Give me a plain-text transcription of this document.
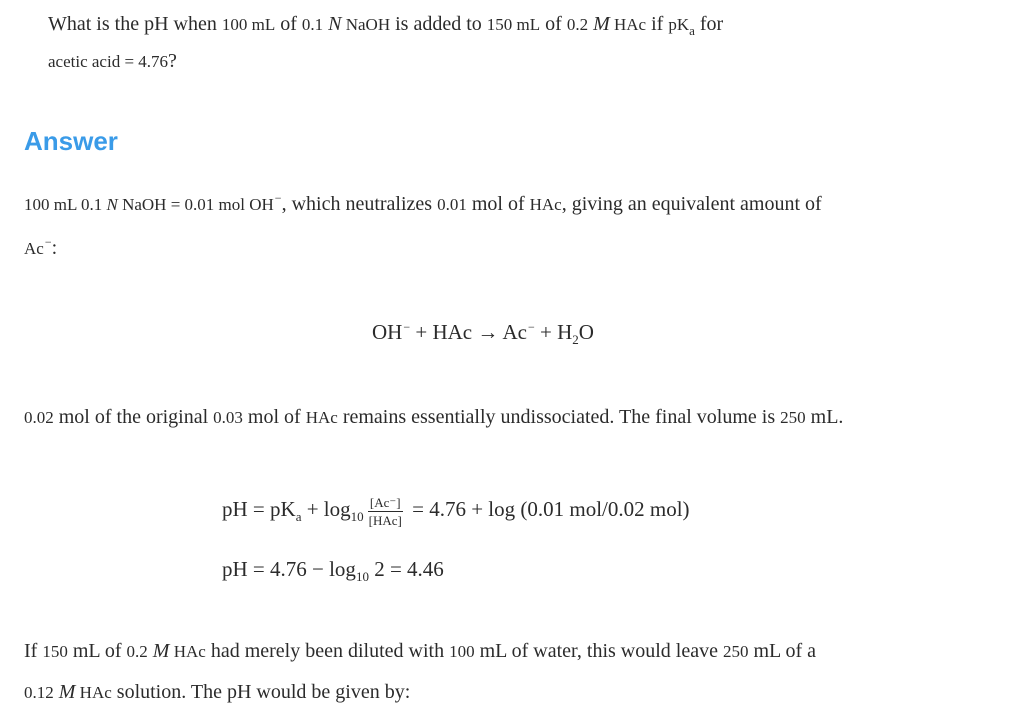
What is the pH when 100 mL of 0.1 N NaOH is added to 150 mL of 0.2 M HAc if $pK_a$ for
acetic acid = 4.76?
Answer
100 mL 0.1 N NaOH = 0.01 mol OH−, which neutralizes 0.01 mol of HAc, giving an equivalent amount of
Ac−:
OH− + HAc → $Ac^- + H_2O$
0.02 mol of the original 0.03 mol of HAc remains essentially undissociated. The final volume is 250 mL.
pH = $pK_a + \log_{10} \frac{[Ac^-]}{\text{[HAc]}} = 4.76 + \log (0.01$ mol/0.02 mol)
pH = $4.76 - \log_{10} 2 = 4.46$
If 150 mL of 0.2 M HAc had merely been diluted with 100 mL of water, this would leave 250 mL of a
0.12 M HAc solution. The pH would be given by:
